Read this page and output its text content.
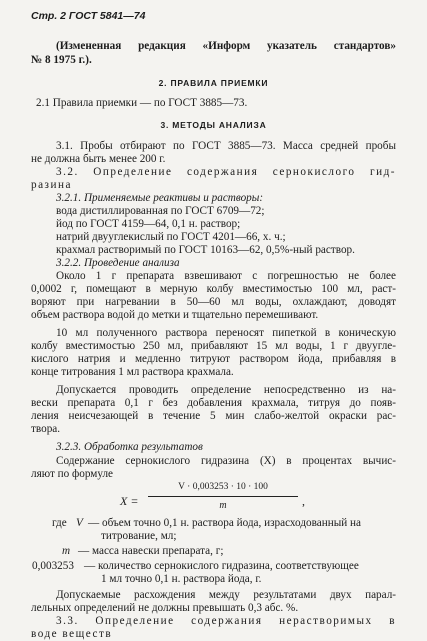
Стр. 2 ГОСТ 5841—74
(Измененная редакция «Информ указатель стандартов»
№ 8 1975 г.).
2. ПРАВИЛА ПРИЕМКИ
2.1 Правила приемки — по ГОСТ 3885—73.
3. МЕТОДЫ АНАЛИЗА
3.1. Пробы отбирают по ГОСТ 3885—73. Масса средней пробы
не должна быть менее 200 г.
3.2. Определение содержания сернокислого гид-
разина
3.2.1. Применяемые реактивы и растворы:
вода дистиллированная по ГОСТ 6709—72;
йод по ГОСТ 4159—64, 0,1 н. раствор;
натрий двууглекислый по ГОСТ 4201—66, х. ч.;
крахмал растворимый по ГОСТ 10163—62, 0,5%-ный раствор.
3.2.2. Проведение анализа
Около 1 г препарата взвешивают с погрешностью не более
0,0002 г, помещают в мерную колбу вместимостью 100 мл, раст-
воряют при нагревании в 50—60 мл воды, охлаждают, доводят
объем раствора водой до метки и тщательно перемешивают.
10 мл полученного раствора переносят пипеткой в коническую
колбу вместимостью 250 мл, прибавляют 15 мл воды, 1 г двууглe-
кислого натрия и медленно титруют раствором йода, прибавляя в
конце титрования 1 мл раствора крахмала.
Допускается проводить определение непосредственно из на-
вески препарата 0,1 г без добавления крахмала, титруя до появ-
ления неисчезающей в течение 5 мин слабо-желтой окраски рас-
твора.
3.2.3. Обработка результатов
Содержание сернокислого гидразина (X) в процентах вычис-
ляют по формуле
X =
V · 0,003253 · 10 · 100
m	,
где V — объем точно 0,1 н. раствора йода, израсходованный на
титрование, мл;
m — масса навески препарата, г;
0,003253 — количество сернокислого гидразина, соответствующее
1 мл точно 0,1 н. раствора йода, г.
Допускаемые расхождения между результатами двух парал-
лельных определений не должны превышать 0,3 абс. %.
3.3. Определение содержания нерастворимых в
воде веществ
